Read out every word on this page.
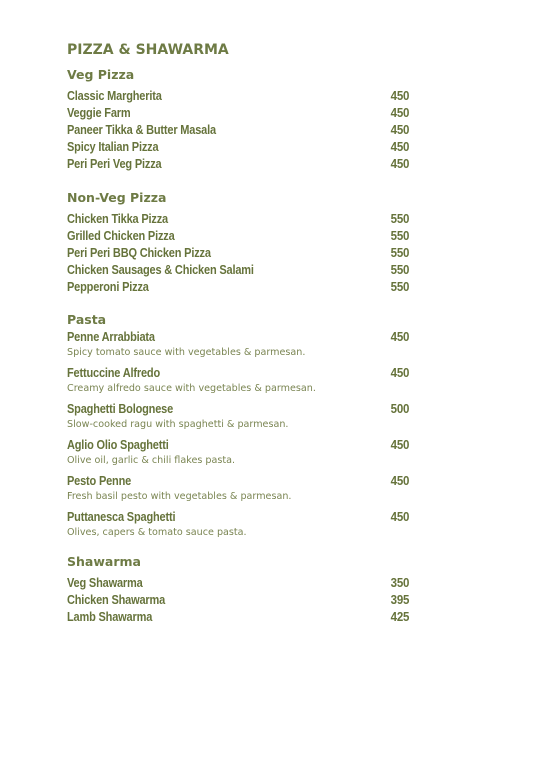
PIZZA & SHAWARMA
Veg Pizza
Classic Margherita	450
Veggie Farm	450
Paneer Tikka & Butter Masala	450
Spicy Italian Pizza	450
Peri Peri Veg Pizza	450
Non-Veg Pizza
Chicken Tikka Pizza	550
Grilled Chicken Pizza	550
Peri Peri BBQ Chicken Pizza	550
Chicken Sausages & Chicken Salami	550
Pepperoni Pizza	550
Pasta
Penne Arrabbiata	450
Spicy tomato sauce with vegetables & parmesan.
Fettuccine Alfredo	450
Creamy alfredo sauce with vegetables & parmesan.
Spaghetti Bolognese	500
Slow-cooked ragu with spaghetti & parmesan.
Aglio Olio Spaghetti	450
Olive oil, garlic & chili flakes pasta.
Pesto Penne	450
Fresh basil pesto with vegetables & parmesan.
Puttanesca Spaghetti	450
Olives, capers & tomato sauce pasta.
Shawarma
Veg Shawarma	350
Chicken Shawarma	395
Lamb Shawarma	425
